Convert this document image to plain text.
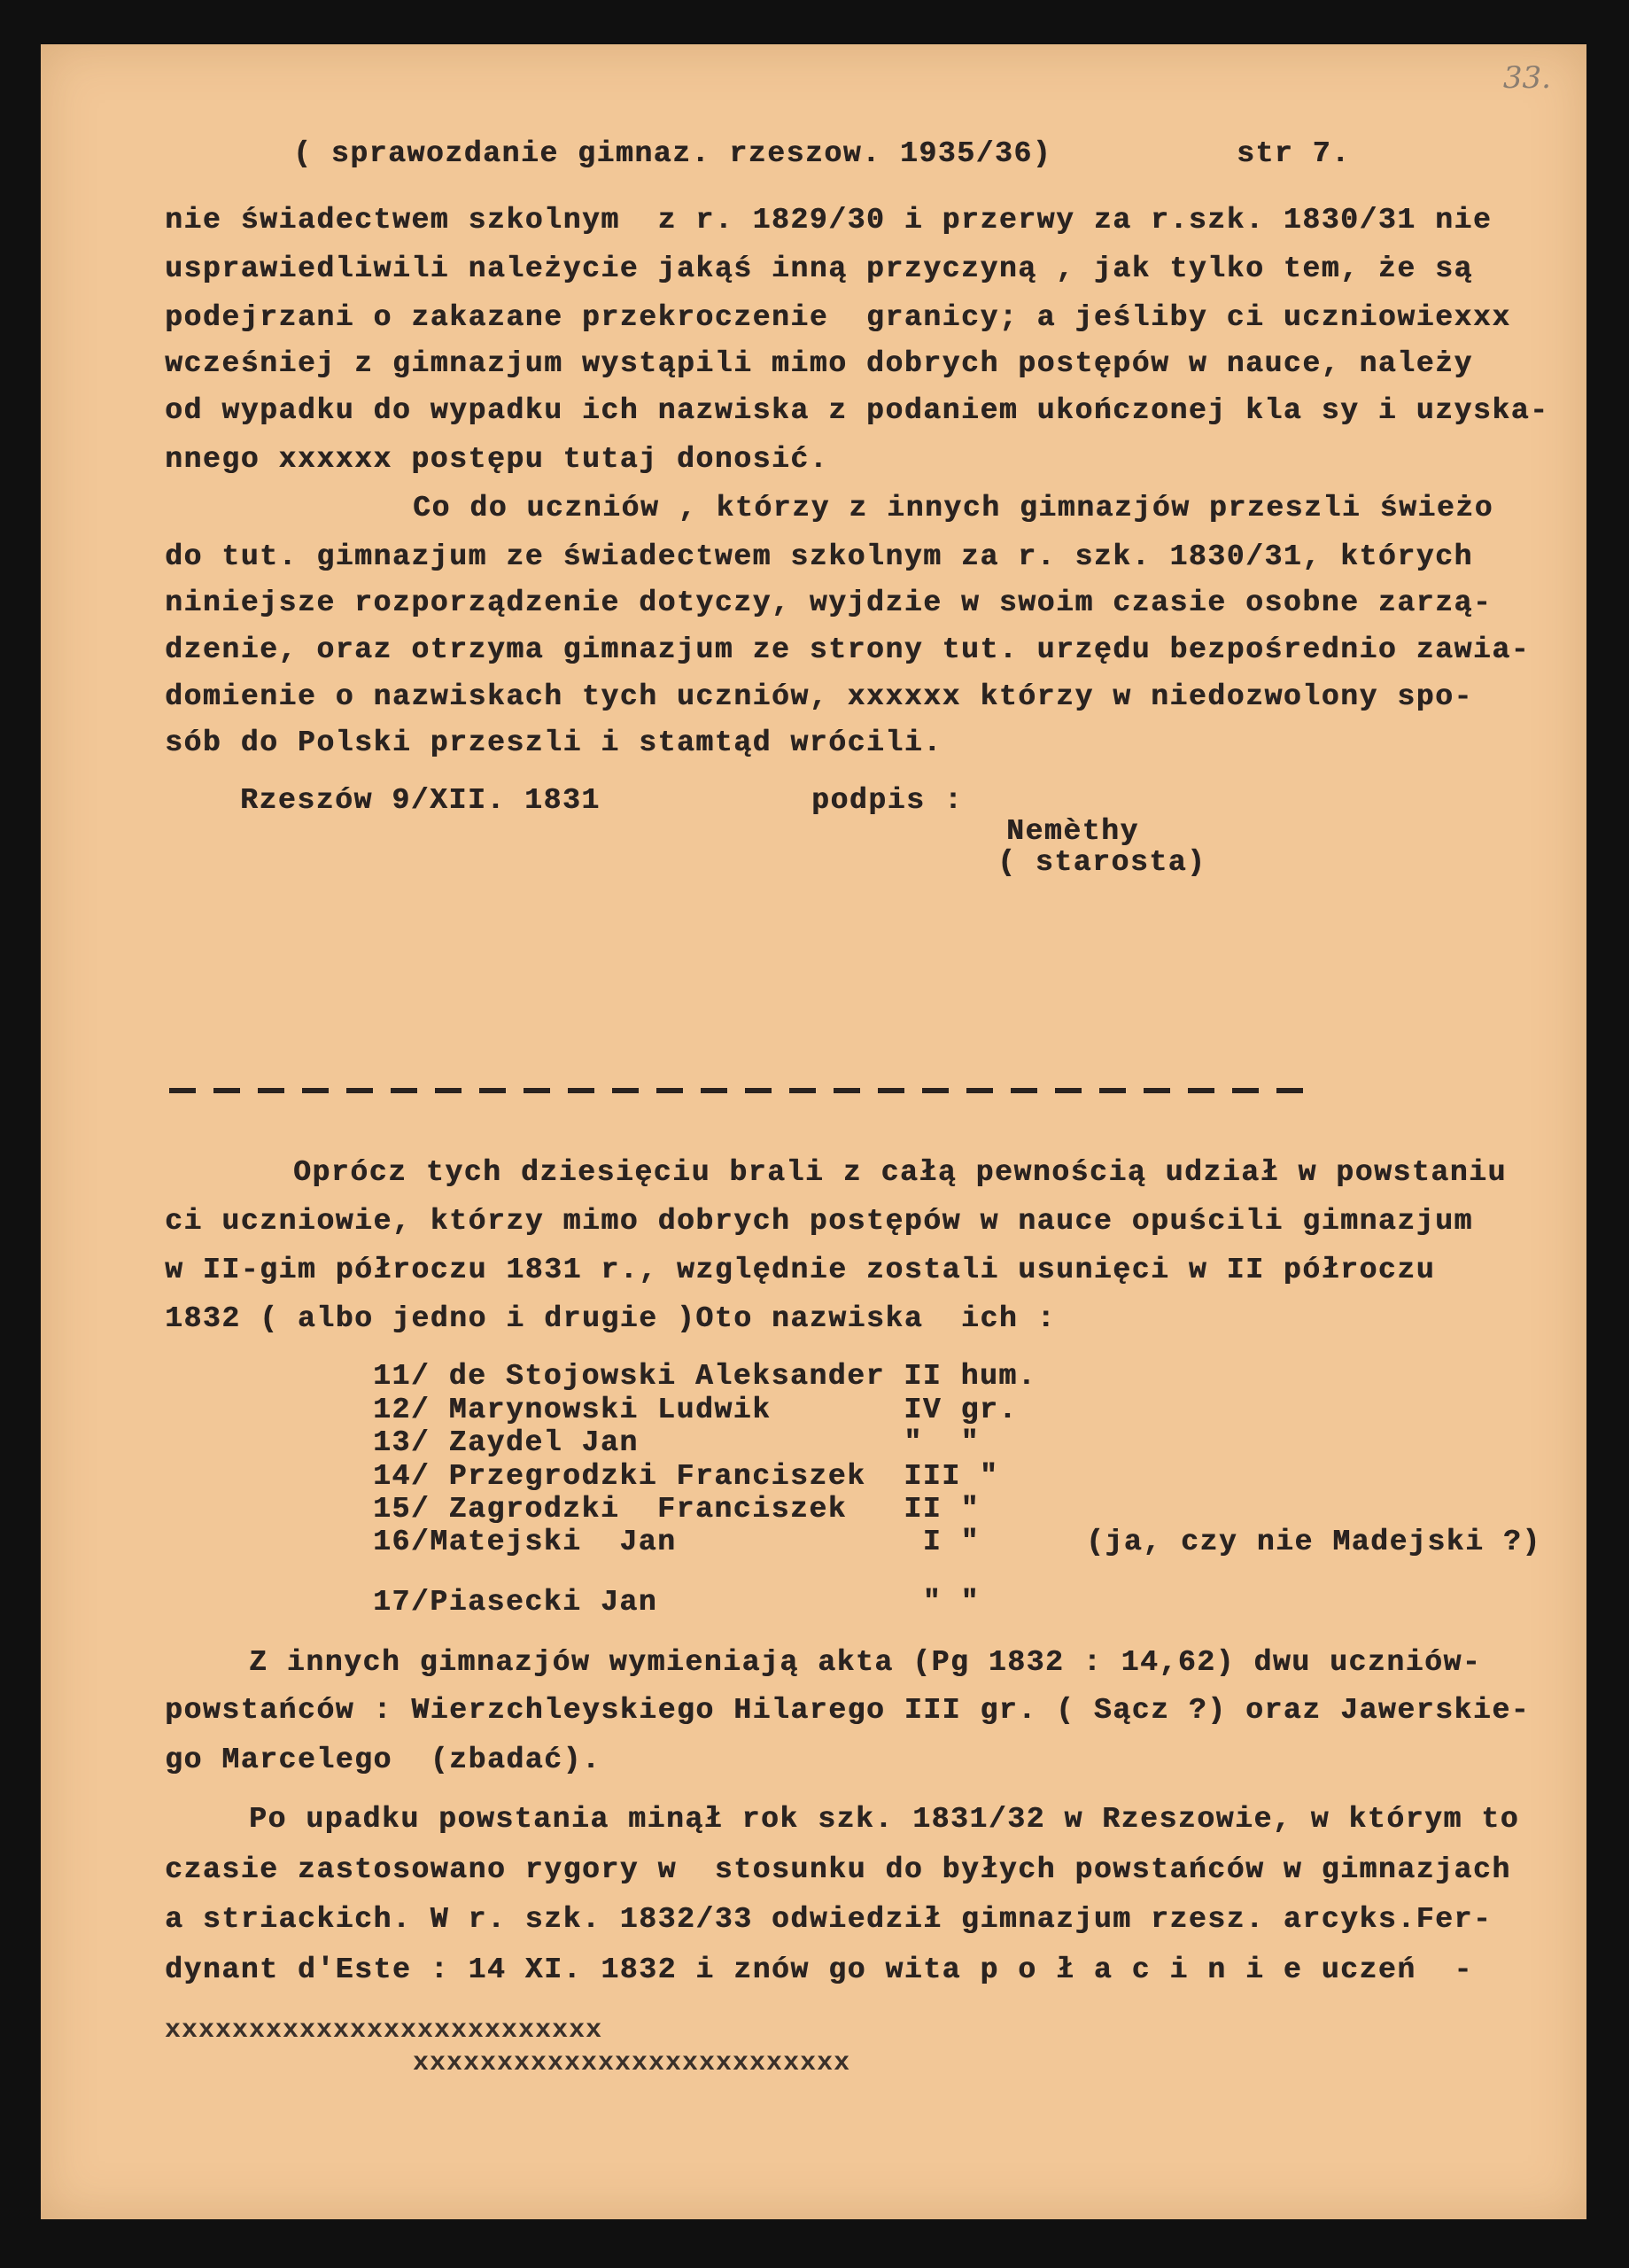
33.
( sprawozdanie gimnaz. rzeszow. 1935/36)	str 7.
nie świadectwem szkolnym  z r. 1829/30 i przerwy za r.szk. 1830/31 nie
usprawiedliwili należycie jakąś inną przyczyną , jak tylko tem, że są
podejrzani o zakazane przekroczenie  granicy; a jeśliby ci uczniowiexxx
wcześniej z gimnazjum wystąpili mimo dobrych postępów w nauce, należy
od wypadku do wypadku ich nazwiska z podaniem ukończonej kla sy i uzyska-
nnego xxxxxx postępu tutaj donosić.
Co do uczniów , którzy z innych gimnazjów przeszli świeżo
do tut. gimnazjum ze świadectwem szkolnym za r. szk. 1830/31, których
niniejsze rozporządzenie dotyczy, wyjdzie w swoim czasie osobne zarzą-
dzenie, oraz otrzyma gimnazjum ze strony tut. urzędu bezpośrednio zawia-
domienie o nazwiskach tych uczniów, xxxxxx którzy w niedozwolony spo-
sób do Polski przeszli i stamtąd wrócili.
Rzeszów 9/XII. 1831	podpis :
Nemèthy
( starosta)
Oprócz tych dziesięciu brali z całą pewnością udział w powstaniu
ci uczniowie, którzy mimo dobrych postępów w nauce opuścili gimnazjum
w II-gim półroczu 1831 r., względnie zostali usunięci w II półroczu
1832 ( albo jedno i drugie )Oto nazwiska  ich :
11/ de Stojowski Aleksander II hum.
12/ Marynowski Ludwik       IV gr.
13/ Zaydel Jan              "  "
14/ Przegrodzki Franciszek  III "
15/ Zagrodzki  Franciszek   II "
16/Matejski  Jan             I "	(ja, czy nie Madejski ?)
17/Piasecki Jan              " "
Z innych gimnazjów wymieniają akta (Pg 1832 : 14,62) dwu uczniów-
powstańców : Wierzchleyskiego Hilarego III gr. ( Sącz ?) oraz Jawerskie-
go Marcelego  (zbadać).
Po upadku powstania minął rok szk. 1831/32 w Rzeszowie, w którym to
czasie zastosowano rygory w  stosunku do byłych powstańców w gimnazjach
a striackich. W r. szk. 1832/33 odwiedził gimnazjum rzesz. arcyks.Fer-
dynant d'Este : 14 XI. 1832 i znów go wita p o ł a c i n i e uczeń  -
xxxxxxxxxxxxxxxxxxxxxxxxxx
xxxxxxxxxxxxxxxxxxxxxxxxxx
